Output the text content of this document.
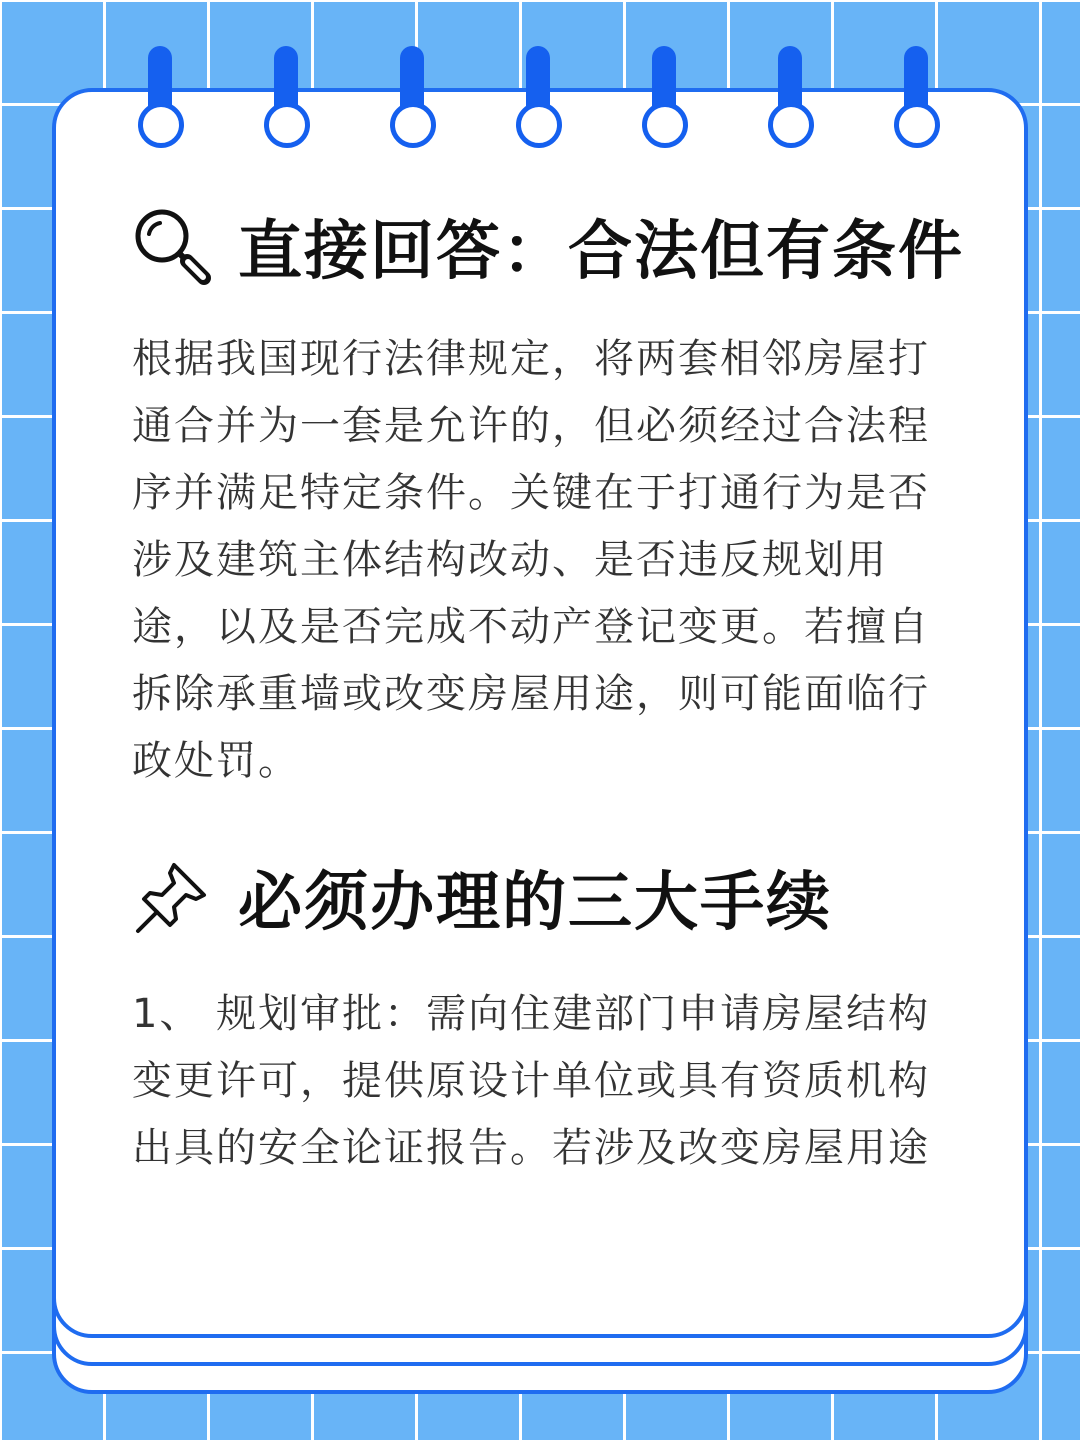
直接回答：合法但有条件
根据我国现行法律规定，将两套相邻房屋打通合并为一套是允许的，但必须经过合法程序并满足特定条件。关键在于打通行为是否涉及建筑主体结构改动、是否违反规划用途，以及是否完成不动产登记变更。若擅自拆除承重墙或改变房屋用途，则可能面临行政处罚。
必须办理的三大手续
1、 规划审批：需向住建部门申请房屋结构变更许可，提供原设计单位或具有资质机构出具的安全论证报告。若涉及改变房屋用途
